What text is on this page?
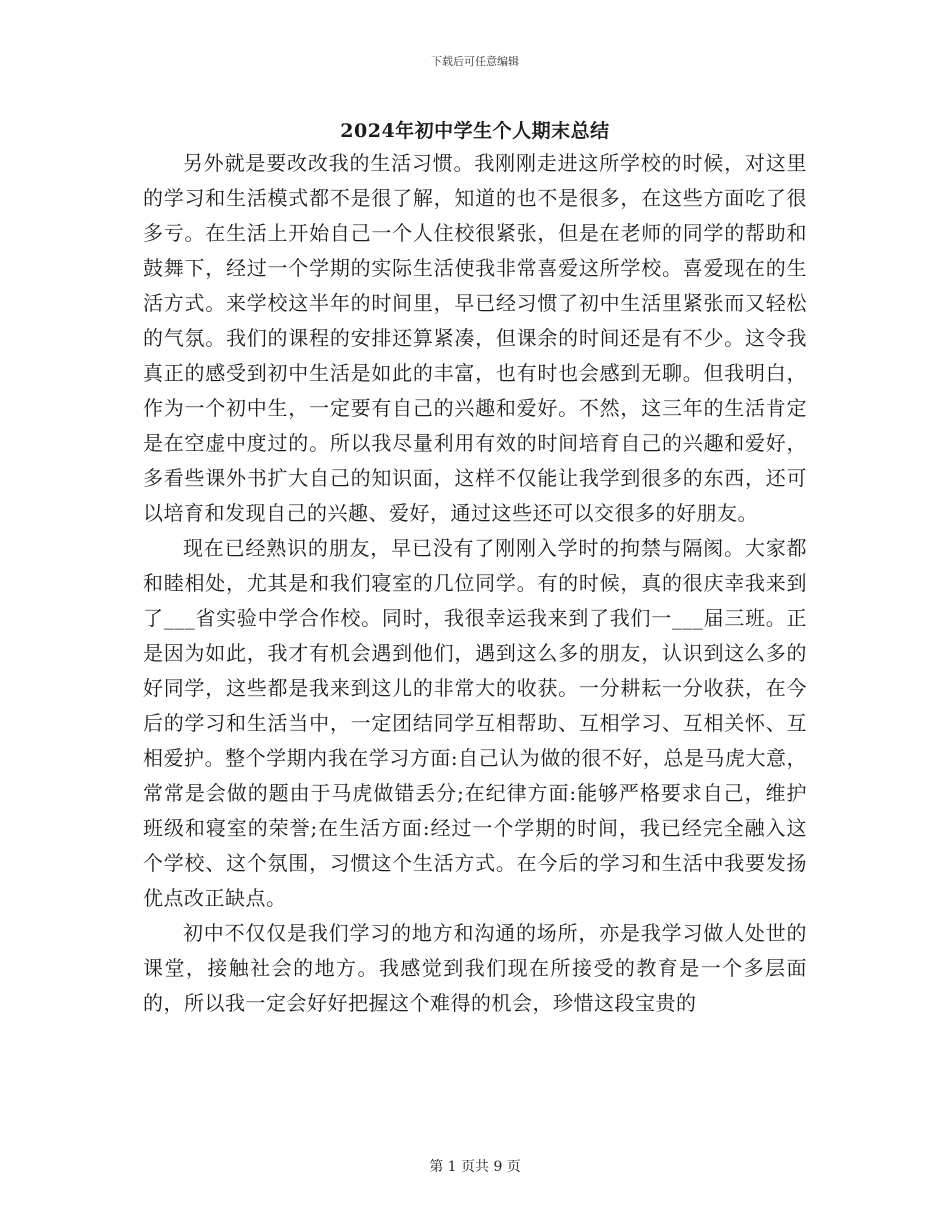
下载后可任意编辑
2024年初中学生个人期末总结

另外就是要改改我的生活习惯。我刚刚走进这所学校的时候，对这里的学习和生活模式都不是很了解，知道的也不是很多，在这些方面吃了很多亏。在生活上开始自己一个人住校很紧张，但是在老师的同学的帮助和鼓舞下，经过一个学期的实际生活使我非常喜爱这所学校。喜爱现在的生活方式。来学校这半年的时间里，早已经习惯了初中生活里紧张而又轻松的气氛。我们的课程的安排还算紧凑，但课余的时间还是有不少。这令我真正的感受到初中生活是如此的丰富，也有时也会感到无聊。但我明白，作为一个初中生，一定要有自己的兴趣和爱好。不然，这三年的生活肯定是在空虚中度过的。所以我尽量利用有效的时间培育自己的兴趣和爱好，多看些课外书扩大自己的知识面，这样不仅能让我学到很多的东西，还可以培育和发现自己的兴趣、爱好，通过这些还可以交很多的好朋友。

现在已经熟识的朋友，早已没有了刚刚入学时的拘禁与隔阂。大家都和睦相处，尤其是和我们寝室的几位同学。有的时候，真的很庆幸我来到了___省实验中学合作校。同时，我很幸运我来到了我们一___届三班。正是因为如此，我才有机会遇到他们，遇到这么多的朋友，认识到这么多的好同学，这些都是我来到这儿的非常大的收获。一分耕耘一分收获，在今后的学习和生活当中，一定团结同学互相帮助、互相学习、互相关怀、互相爱护。整个学期内我在学习方面:自己认为做的很不好，总是马虎大意，常常是会做的题由于马虎做错丢分;在纪律方面:能够严格要求自己，维护班级和寝室的荣誉;在生活方面:经过一个学期的时间，我已经完全融入这个学校、这个氛围，习惯这个生活方式。在今后的学习和生活中我要发扬优点改正缺点。

初中不仅仅是我们学习的地方和沟通的场所，亦是我学习做人处世的课堂，接触社会的地方。我感觉到我们现在所接受的教育是一个多层面的，所以我一定会好好把握这个难得的机会，珍惜这段宝贵的

第 1 页共 9 页
